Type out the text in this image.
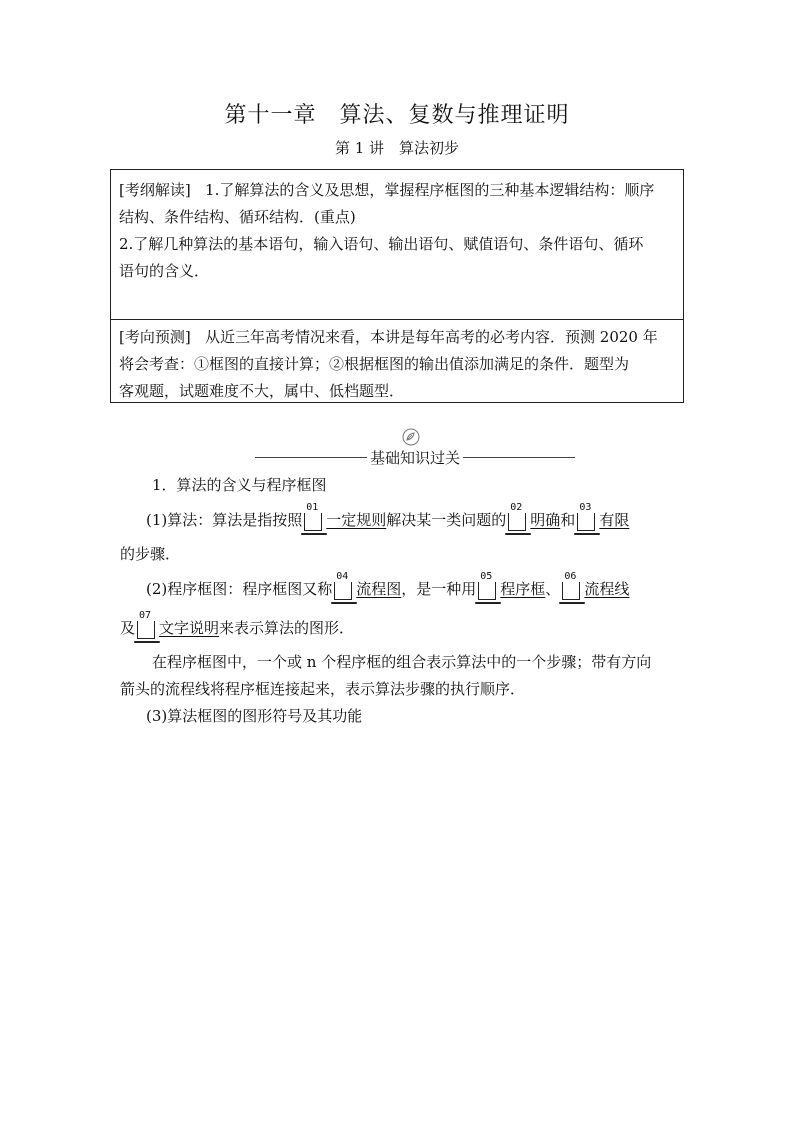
第十一章　算法、复数与推理证明
第 1 讲　算法初步

[考纲解读] 1.了解算法的含义及思想，掌握程序框图的三种基本逻辑结构：顺序

结构、条件结构、循环结构．(重点)

2.了解几种算法的基本语句，输入语句、输出语句、赋值语句、条件语句、循环

语句的含义．

[考向预测] 从近三年高考情况来看，本讲是每年高考的必考内容．预测 2020 年

将会考查：①框图的直接计算；②根据框图的输出值添加满足的条件．题型为

客观题，试题难度不大，属中、低档题型．

基础知识过关
1．算法的含义与程序框图
(1)算法：算法是指按照
01
一定规则解决某一类问题的
02
明确和
03
有限
的步骤．
(2)程序框图：程序框图又称
04
流程图，是一种用
05
程序框、
06
流程线
及
07
文字说明来表示算法的图形．
在程序框图中，一个或 n 个程序框的组合表示算法中的一个步骤；带有方向
箭头的流程线将程序框连接起来，表示算法步骤的执行顺序．
(3)算法框图的图形符号及其功能
